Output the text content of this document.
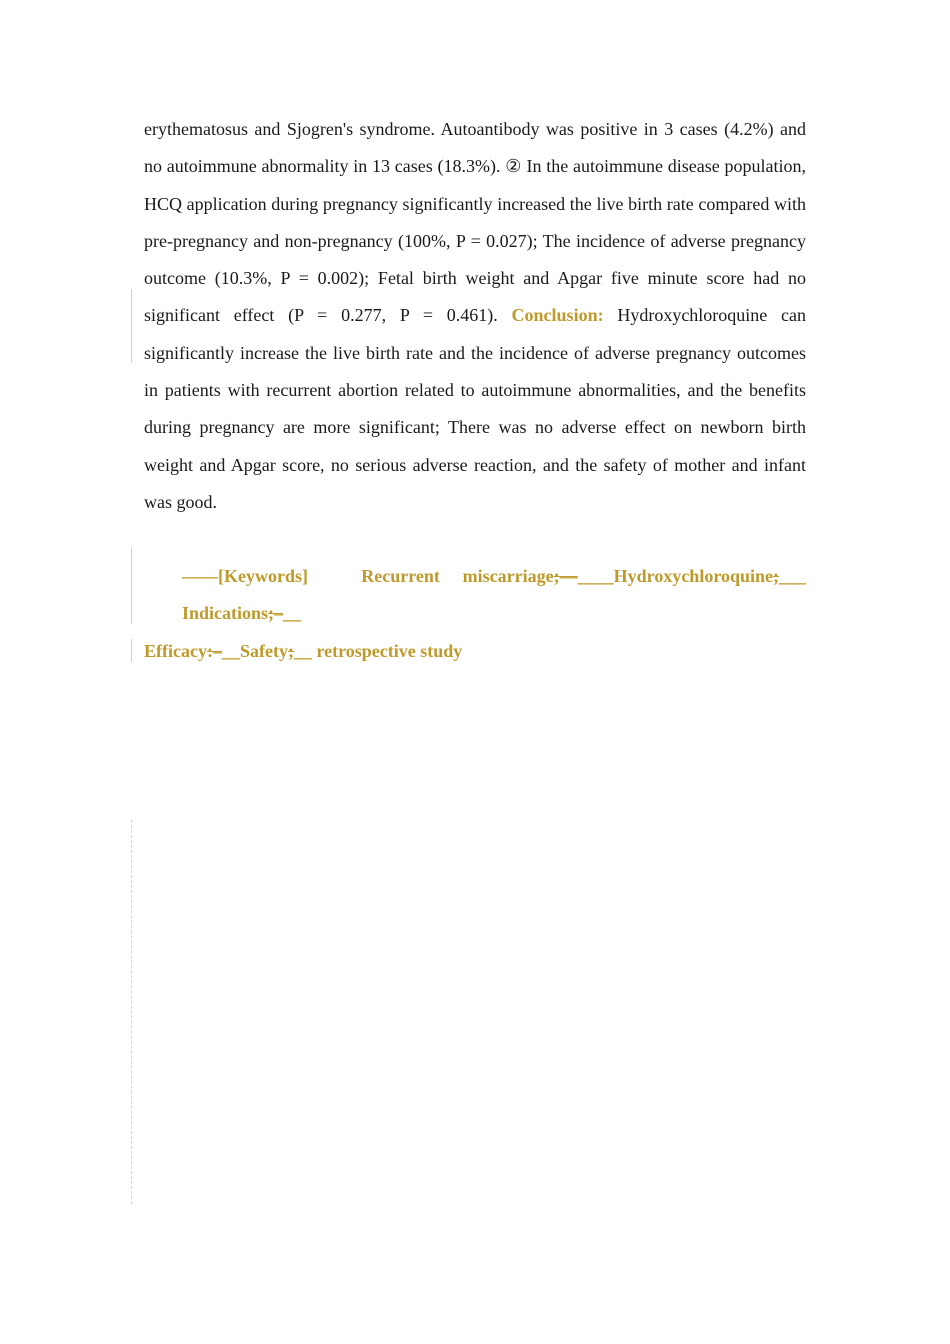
erythematosus and Sjogren's syndrome. Autoantibody was positive in 3 cases (4.2%) and no autoimmune abnormality in 13 cases (18.3%). ② In the autoimmune disease population, HCQ application during pregnancy significantly increased the live birth rate compared with pre-pregnancy and non-pregnancy (100%, P = 0.027); The incidence of adverse pregnancy outcome (10.3%, P = 0.002); Fetal birth weight and Apgar five minute score had no significant effect (P = 0.277, P = 0.461). Conclusion: Hydroxychloroquine can significantly increase the live birth rate and the incidence of adverse pregnancy outcomes in patients with recurrent abortion related to autoimmune abnormalities, and the benefits during pregnancy are more significant; There was no adverse effect on newborn birth weight and Apgar score, no serious adverse reaction, and the safety of mother and infant was good.
——[Keywords]	Recurrent   miscarriage;—____Hydroxychloroquine;___ Indications;–__
Efficacy:–__Safety;__ retrospective study
